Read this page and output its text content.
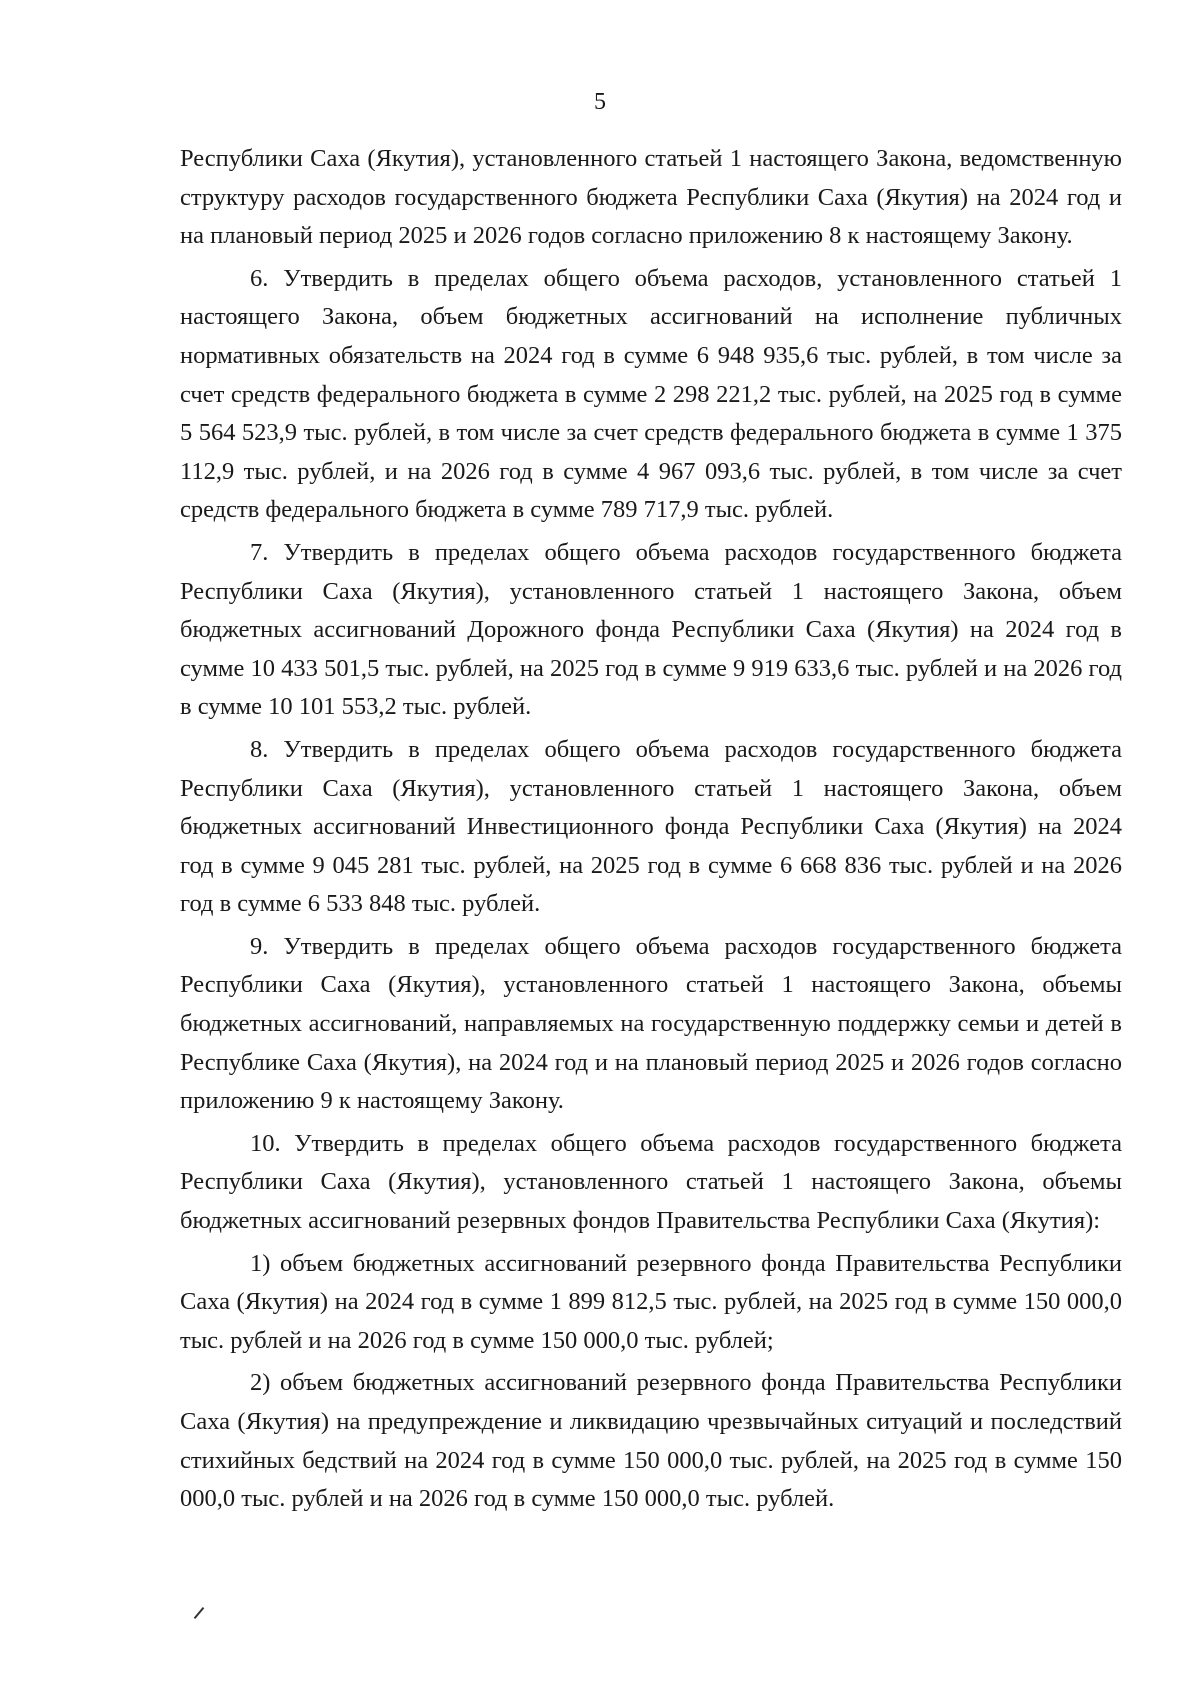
5

Республики Саха (Якутия), установленного статьей 1 настоящего Закона, ведомственную структуру расходов государственного бюджета Республики Саха (Якутия) на 2024 год и на плановый период 2025 и 2026 годов согласно приложению 8 к настоящему Закону.

6. Утвердить в пределах общего объема расходов, установленного статьей 1 настоящего Закона, объем бюджетных ассигнований на исполнение публичных нормативных обязательств на 2024 год в сумме 6 948 935,6 тыс. рублей, в том числе за счет средств федерального бюджета в сумме 2 298 221,2 тыс. рублей, на 2025 год в сумме 5 564 523,9 тыс. рублей, в том числе за счет средств федерального бюджета в сумме 1 375 112,9 тыс. рублей, и на 2026 год в сумме 4 967 093,6 тыс. рублей, в том числе за счет средств федерального бюджета в сумме 789 717,9 тыс. рублей.

7. Утвердить в пределах общего объема расходов государственного бюджета Республики Саха (Якутия), установленного статьей 1 настоящего Закона, объем бюджетных ассигнований Дорожного фонда Республики Саха (Якутия) на 2024 год в сумме 10 433 501,5 тыс. рублей, на 2025 год в сумме 9 919 633,6 тыс. рублей и на 2026 год в сумме 10 101 553,2 тыс. рублей.

8. Утвердить в пределах общего объема расходов государственного бюджета Республики Саха (Якутия), установленного статьей 1 настоящего Закона, объем бюджетных ассигнований Инвестиционного фонда Республики Саха (Якутия) на 2024 год в сумме 9 045 281 тыс. рублей, на 2025 год в сумме 6 668 836 тыс. рублей и на 2026 год в сумме 6 533 848 тыс. рублей.

9. Утвердить в пределах общего объема расходов государственного бюджета Республики Саха (Якутия), установленного статьей 1 настоящего Закона, объемы бюджетных ассигнований, направляемых на государственную поддержку семьи и детей в Республике Саха (Якутия), на 2024 год и на плановый период 2025 и 2026 годов согласно приложению 9 к настоящему Закону.

10. Утвердить в пределах общего объема расходов государственного бюджета Республики Саха (Якутия), установленного статьей 1 настоящего Закона, объемы бюджетных ассигнований резервных фондов Правительства Республики Саха (Якутия):

1) объем бюджетных ассигнований резервного фонда Правительства Республики Саха (Якутия) на 2024 год в сумме 1 899 812,5 тыс. рублей, на 2025 год в сумме 150 000,0 тыс. рублей и на 2026 год в сумме 150 000,0 тыс. рублей;

2) объем бюджетных ассигнований резервного фонда Правительства Республики Саха (Якутия) на предупреждение и ликвидацию чрезвычайных ситуаций и последствий стихийных бедствий на 2024 год в сумме 150 000,0 тыс. рублей, на 2025 год в сумме 150 000,0 тыс. рублей и на 2026 год в сумме 150 000,0 тыс. рублей.
